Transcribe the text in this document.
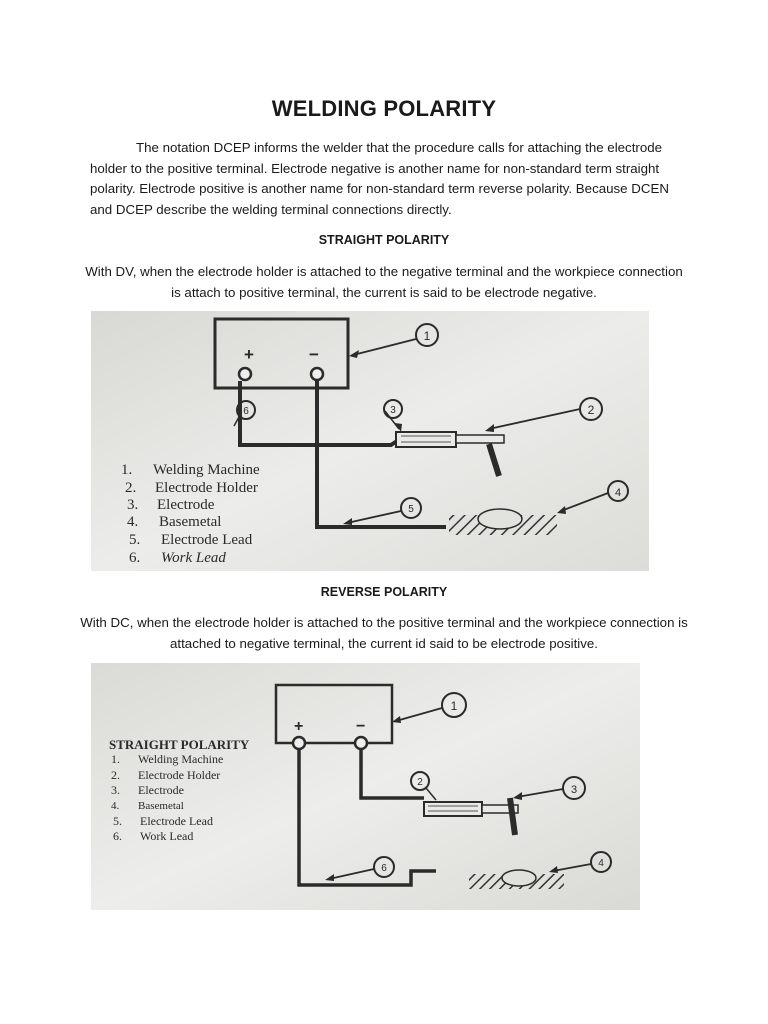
WELDING POLARITY
The notation DCEP informs the welder that the procedure calls for attaching the electrode holder to the positive terminal. Electrode negative is another name for non-standard term straight polarity. Electrode positive is another name for non-standard term reverse polarity. Because DCEN and DCEP describe the welding terminal connections directly.
STRAIGHT POLARITY
With DV, when the electrode holder is attached to the negative terminal and the workpiece connection is attach to positive terminal, the current is said to be electrode negative.
+	−
1
2
3
4
5
6
1. Welding Machine
2. Electrode Holder
3. Electrode
4. Basemetal
5. Electrode Lead
6. Work Lead
REVERSE POLARITY
With DC, when the electrode holder is attached to the positive terminal and the workpiece connection is attached to negative terminal, the current id said to be electrode positive.
+	−
1
2
3
4
6
STRAIGHT POLARITY
1. Welding Machine
2. Electrode Holder
3. Electrode
4. Basemetal
5. Electrode Lead
6. Work Lead
